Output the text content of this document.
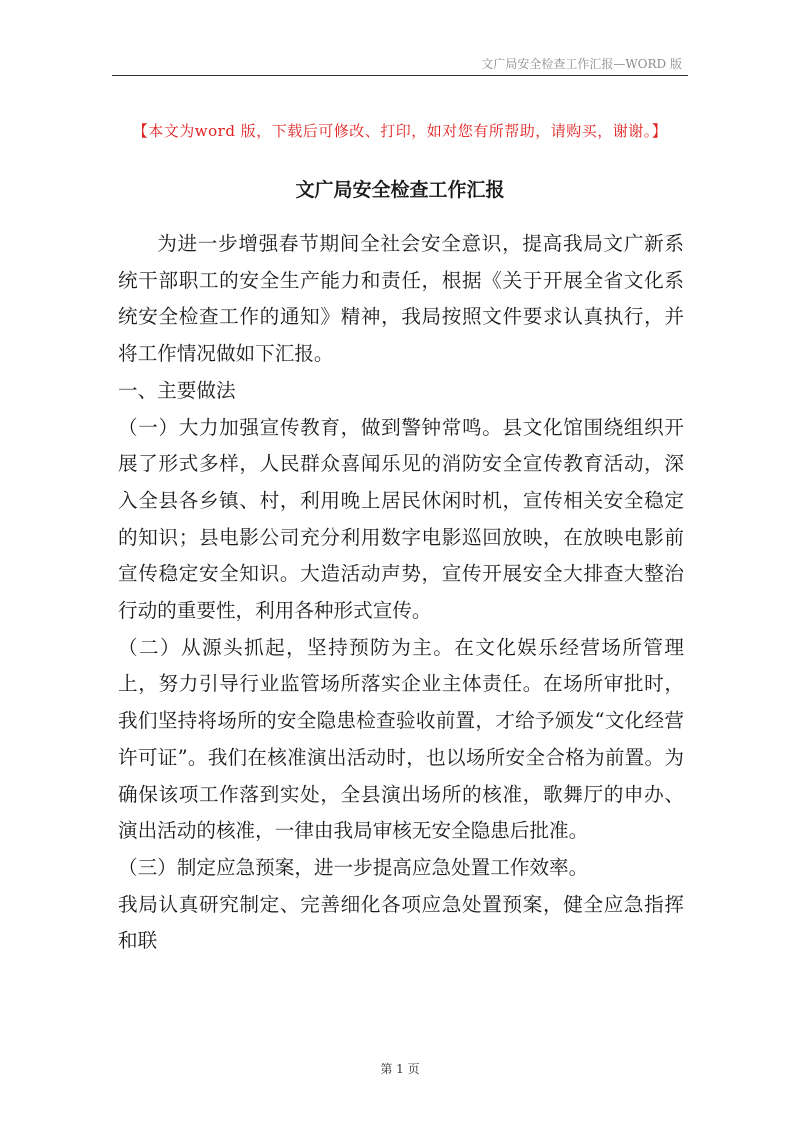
文广局安全检查工作汇报—WORD 版
【本文为word 版，下载后可修改、打印，如对您有所帮助，请购买，谢谢。】
文广局安全检查工作汇报

为进一步增强春节期间全社会安全意识，提高我局文广新系统干部职工的安全生产能力和责任，根据《关于开展全省文化系统安全检查工作的通知》精神，我局按照文件要求认真执行，并将工作情况做如下汇报。

一、主要做法

（一）大力加强宣传教育，做到警钟常鸣。县文化馆围绕组织开展了形式多样，人民群众喜闻乐见的消防安全宣传教育活动，深入全县各乡镇、村，利用晚上居民休闲时机，宣传相关安全稳定的知识；县电影公司充分利用数字电影巡回放映，在放映电影前宣传稳定安全知识。大造活动声势，宣传开展安全大排查大整治行动的重要性，利用各种形式宣传。

（二）从源头抓起，坚持预防为主。在文化娱乐经营场所管理上，努力引导行业监管场所落实企业主体责任。在场所审批时，我们坚持将场所的安全隐患检查验收前置，才给予颁发“文化经营许可证”。我们在核准演出活动时，也以场所安全合格为前置。为确保该项工作落到实处，全县演出场所的核准，歌舞厅的申办、演出活动的核准，一律由我局审核无安全隐患后批准。

（三）制定应急预案，进一步提高应急处置工作效率。

我局认真研究制定、完善细化各项应急处置预案，健全应急指挥和联

第 1 页
